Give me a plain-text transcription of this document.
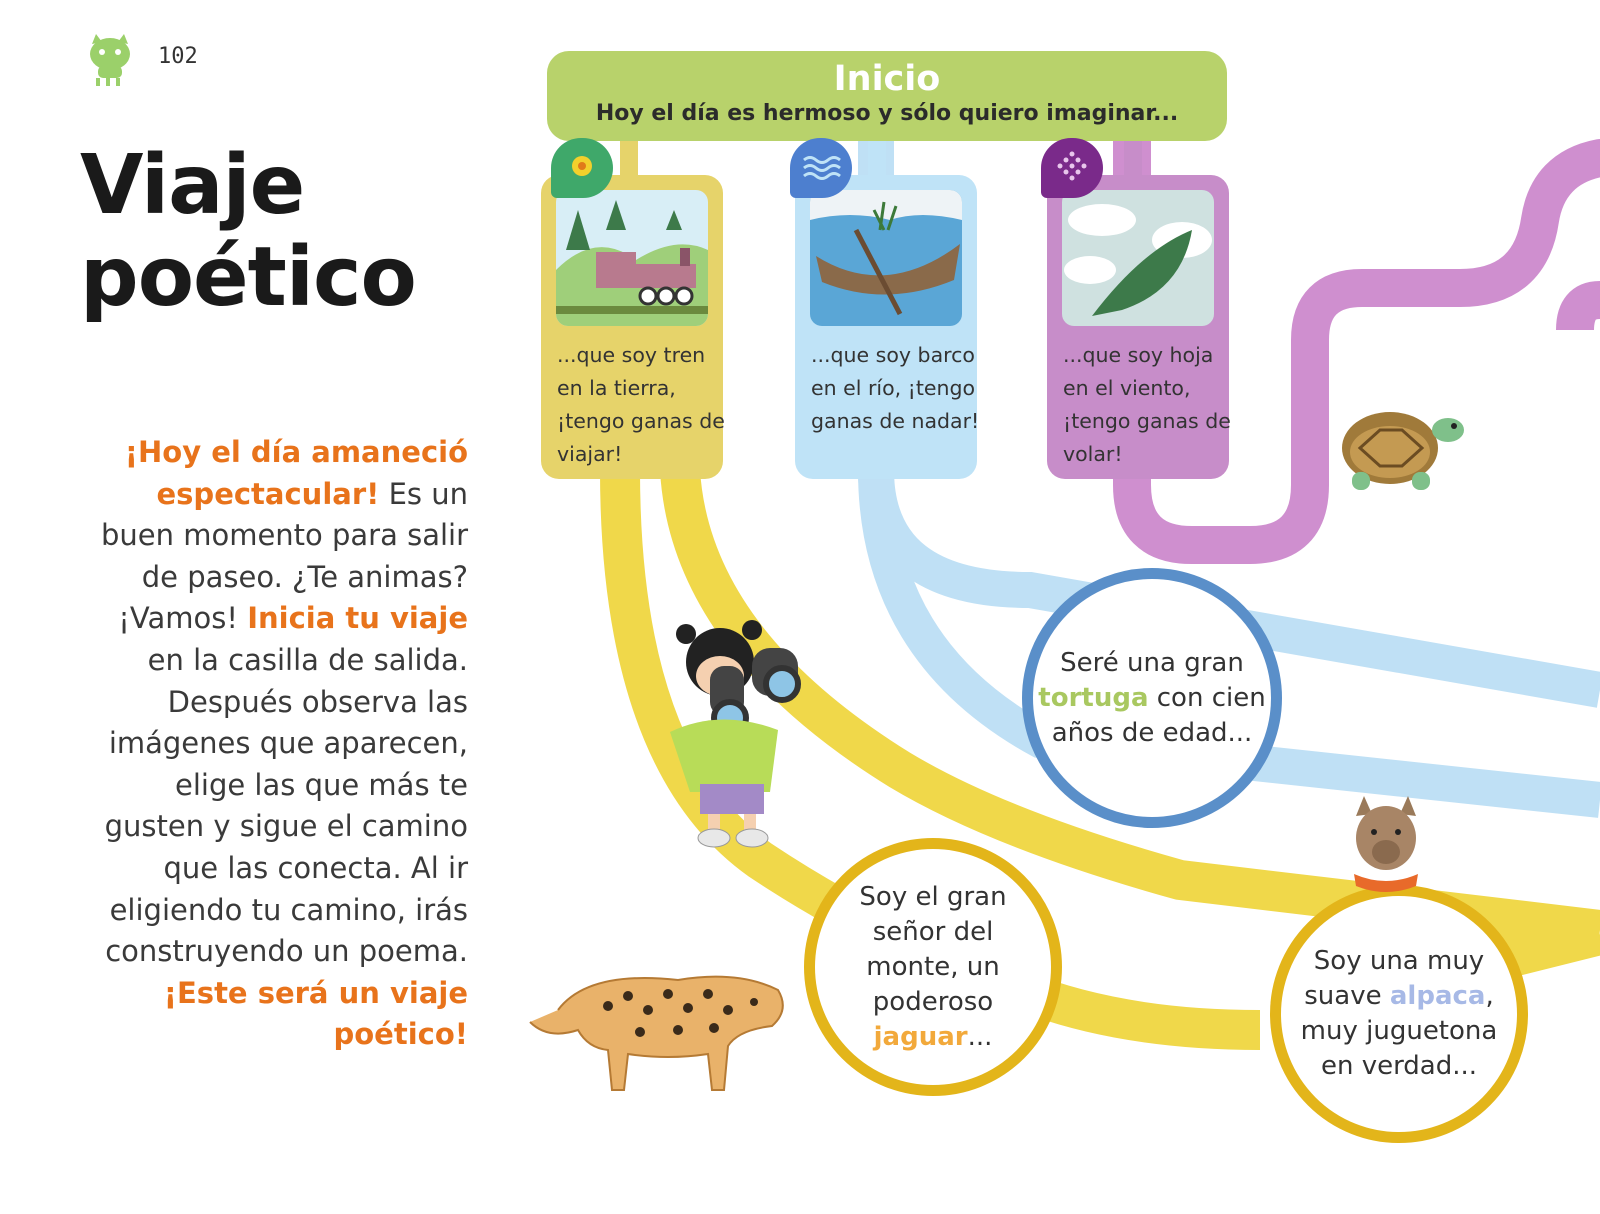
102
Viaje
poético
¡Hoy el día amaneció espectacular! Es un buen momento para salir de paseo. ¿Te animas? ¡Vamos! Inicia tu viaje en la casilla de salida. Después observa las imágenes que aparecen, elige las que más te gusten y sigue el camino que las conecta. Al ir eligiendo tu camino, irás construyendo un poema. ¡Este será un viaje poético!
Inicio
Hoy el día es hermoso y sólo quiero imaginar...
...que soy tren en la tierra, ¡tengo ganas de viajar!
...que soy barco en el río, ¡tengo ganas de nadar!
...que soy hoja en el viento, ¡tengo ganas de volar!
Seré una gran tortuga con cien años de edad...
Soy el gran señor del monte, un poderoso jaguar...
Soy una muy suave alpaca, muy juguetona en verdad...
